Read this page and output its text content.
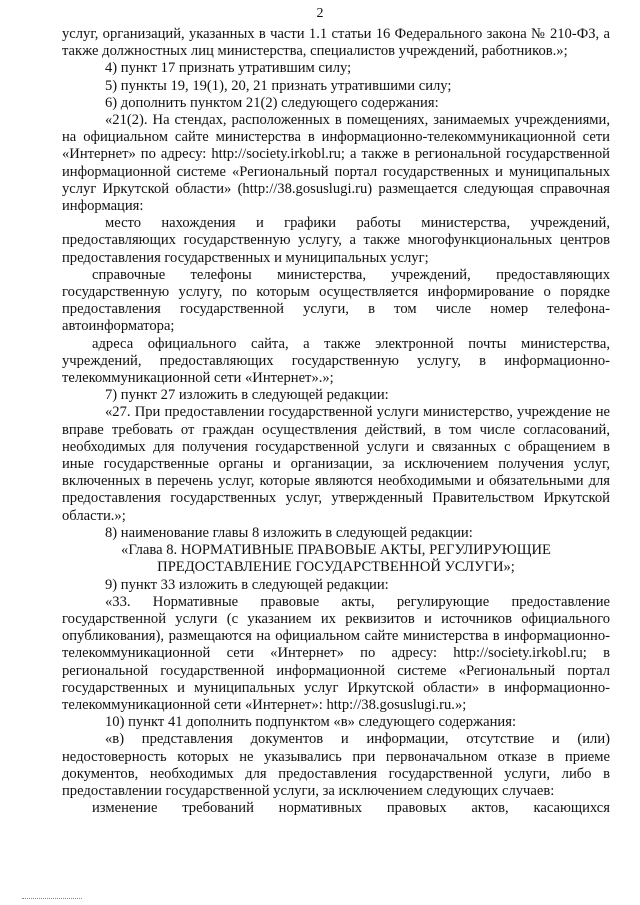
2

услуг, организаций, указанных в части 1.1 статьи 16 Федерального закона № 210-ФЗ, а также должностных лиц министерства, специалистов учреждений, работников.»;

4) пункт 17 признать утратившим силу;

5) пункты 19, 19(1), 20, 21 признать утратившими силу;

6) дополнить пунктом 21(2) следующего содержания:

«21(2). На стендах, расположенных в помещениях, занимаемых учреждениями, на официальном сайте министерства в информационно-телекоммуникационной сети «Интернет» по адресу: http://society.irkobl.ru; а также в региональной государственной информационной системе «Региональный портал государственных и муниципальных услуг Иркутской области» (http://38.gosuslugi.ru) размещается следующая справочная информация:

место нахождения и графики работы министерства, учреждений, предоставляющих государственную услугу, а также многофункциональных центров предоставления государственных и муниципальных услуг;

справочные телефоны министерства, учреждений, предоставляющих государственную услугу, по которым осуществляется информирование о порядке предоставления государственной услуги, в том числе номер телефона-автоинформатора;

адреса официального сайта, а также электронной почты министерства, учреждений, предоставляющих государственную услугу, в информационно-телекоммуникационной сети «Интернет».»;

7) пункт 27 изложить в следующей редакции:

«27. При предоставлении государственной услуги министерство, учреждение не вправе требовать от граждан осуществления действий, в том числе согласований, необходимых для получения государственной услуги и связанных с обращением в иные государственные органы и организации, за исключением получения услуг, включенных в перечень услуг, которые являются необходимыми и обязательными для предоставления государственных услуг, утвержденный Правительством Иркутской области.»;

8) наименование главы 8 изложить в следующей редакции:

«Глава 8. НОРМАТИВНЫЕ ПРАВОВЫЕ АКТЫ, РЕГУЛИРУЮЩИЕ ПРЕДОСТАВЛЕНИЕ ГОСУДАРСТВЕННОЙ УСЛУГИ»;

9) пункт 33 изложить в следующей редакции:

«33. Нормативные правовые акты, регулирующие предоставление государственной услуги (с указанием их реквизитов и источников официального опубликования), размещаются на официальном сайте министерства в информационно-телекоммуникационной сети «Интернет» по адресу: http://society.irkobl.ru; в региональной государственной информационной системе «Региональный портал государственных и муниципальных услуг Иркутской области» в информационно-телекоммуникационной сети «Интернет»: http://38.gosuslugi.ru.»;

10) пункт 41 дополнить подпунктом «в» следующего содержания:

«в) представления документов и информации, отсутствие и (или) недостоверность которых не указывались при первоначальном отказе в приеме документов, необходимых для предоставления государственной услуги, либо в предоставлении государственной услуги, за исключением следующих случаев:

изменение требований нормативных правовых актов, касающихся
